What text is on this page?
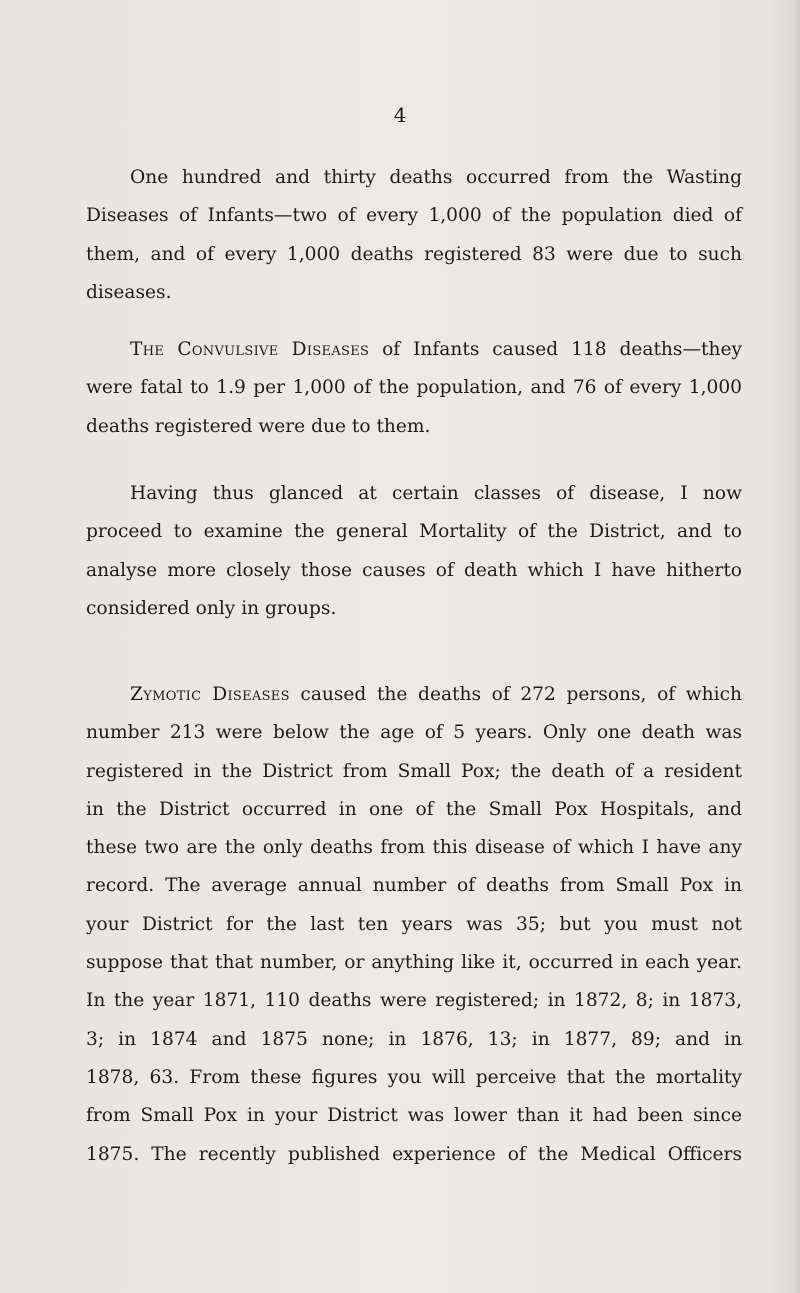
4

One hundred and thirty deaths occurred from the Wasting
Diseases of Infants—two of every 1,000 of the population died of
them, and of every 1,000 deaths registered 83 were due to such
diseases.

The Convulsive Diseases of Infants caused 118 deaths—they
were fatal to 1.9 per 1,000 of the population, and 76 of every 1,000
deaths registered were due to them.

Having thus glanced at certain classes of disease, I now
proceed to examine the general Mortality of the District, and to
analyse more closely those causes of death which I have hitherto
considered only in groups.

Zymotic Diseases caused the deaths of 272 persons, of which
number 213 were below the age of 5 years. Only one death was
registered in the District from Small Pox; the death of a resident
in the District occurred in one of the Small Pox Hospitals, and
these two are the only deaths from this disease of which I have any
record. The average annual number of deaths from Small Pox in
your District for the last ten years was 35; but you must not
suppose that that number, or anything like it, occurred in each year.
In the year 1871, 110 deaths were registered; in 1872, 8; in 1873,
3; in 1874 and 1875 none; in 1876, 13; in 1877, 89; and in
1878, 63. From these figures you will perceive that the mortality
from Small Pox in your District was lower than it had been since
1875. The recently published experience of the Medical Officers
